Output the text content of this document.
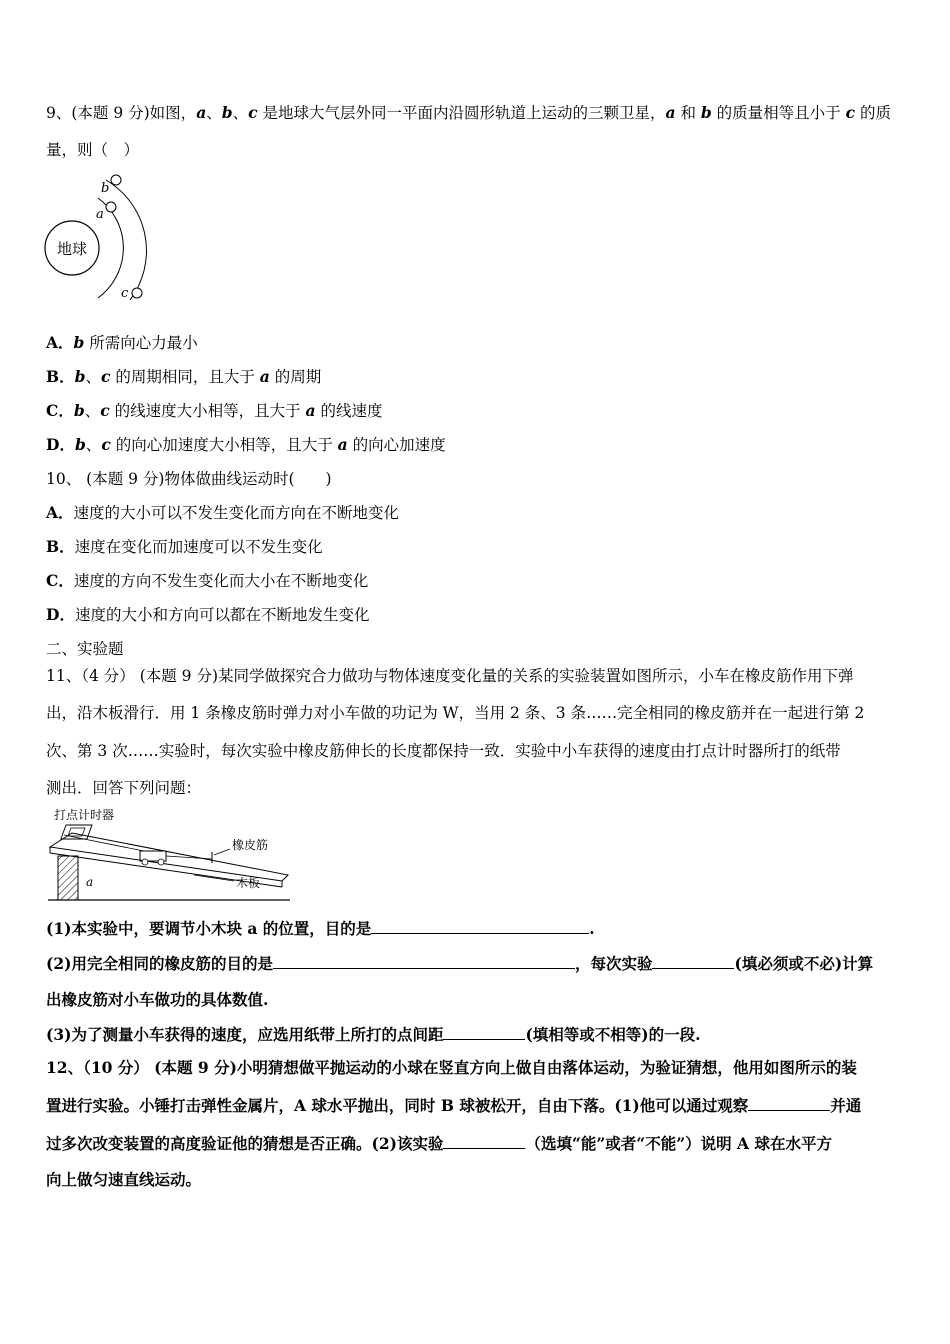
9、(本题 9 分)如图，a、b、c 是地球大气层外同一平面内沿圆形轨道上运动的三颗卫星，a 和 b 的质量相等且小于 c 的质
量，则（　）
地球
b
a
c
A．b 所需向心力最小
B．b、c 的周期相同，且大于 a 的周期
C．b、c 的线速度大小相等，且大于 a 的线速度
D．b、c 的向心加速度大小相等，且大于 a 的向心加速度
10、 (本题 9 分)物体做曲线运动时(　　)
A．速度的大小可以不发生变化而方向在不断地变化
B．速度在变化而加速度可以不发生变化
C．速度的方向不发生变化而大小在不断地变化
D．速度的大小和方向可以都在不断地发生变化
二、实验题
11、（4 分） (本题 9 分)某同学做探究合力做功与物体速度变化量的关系的实验装置如图所示，小车在橡皮筋作用下弹
出，沿木板滑行．用 1 条橡皮筋时弹力对小车做的功记为 W，当用 2 条、3 条……完全相同的橡皮筋并在一起进行第 2
次、第 3 次……实验时，每次实验中橡皮筋伸长的长度都保持一致．实验中小车获得的速度由打点计时器所打的纸带
测出．回答下列问题：
打点计时器
a
橡皮筋
木板
(1)本实验中，要调节小木块 a 的位置，目的是	.
(2)用完全相同的橡皮筋的目的是	，每次实验	(填必须或不必)计算
出橡皮筋对小车做功的具体数值.
(3)为了测量小车获得的速度，应选用纸带上所打的点间距	(填相等或不相等)的一段.
12、（10 分） (本题 9 分)小明猜想做平抛运动的小球在竖直方向上做自由落体运动，为验证猜想，他用如图所示的装
置进行实验。小锤打击弹性金属片，A 球水平抛出，同时 B 球被松开，自由下落。(1)他可以通过观察	并通
过多次改变装置的高度验证他的猜想是否正确。(2)该实验	（选填“能”或者“不能”）说明 A 球在水平方
向上做匀速直线运动。
